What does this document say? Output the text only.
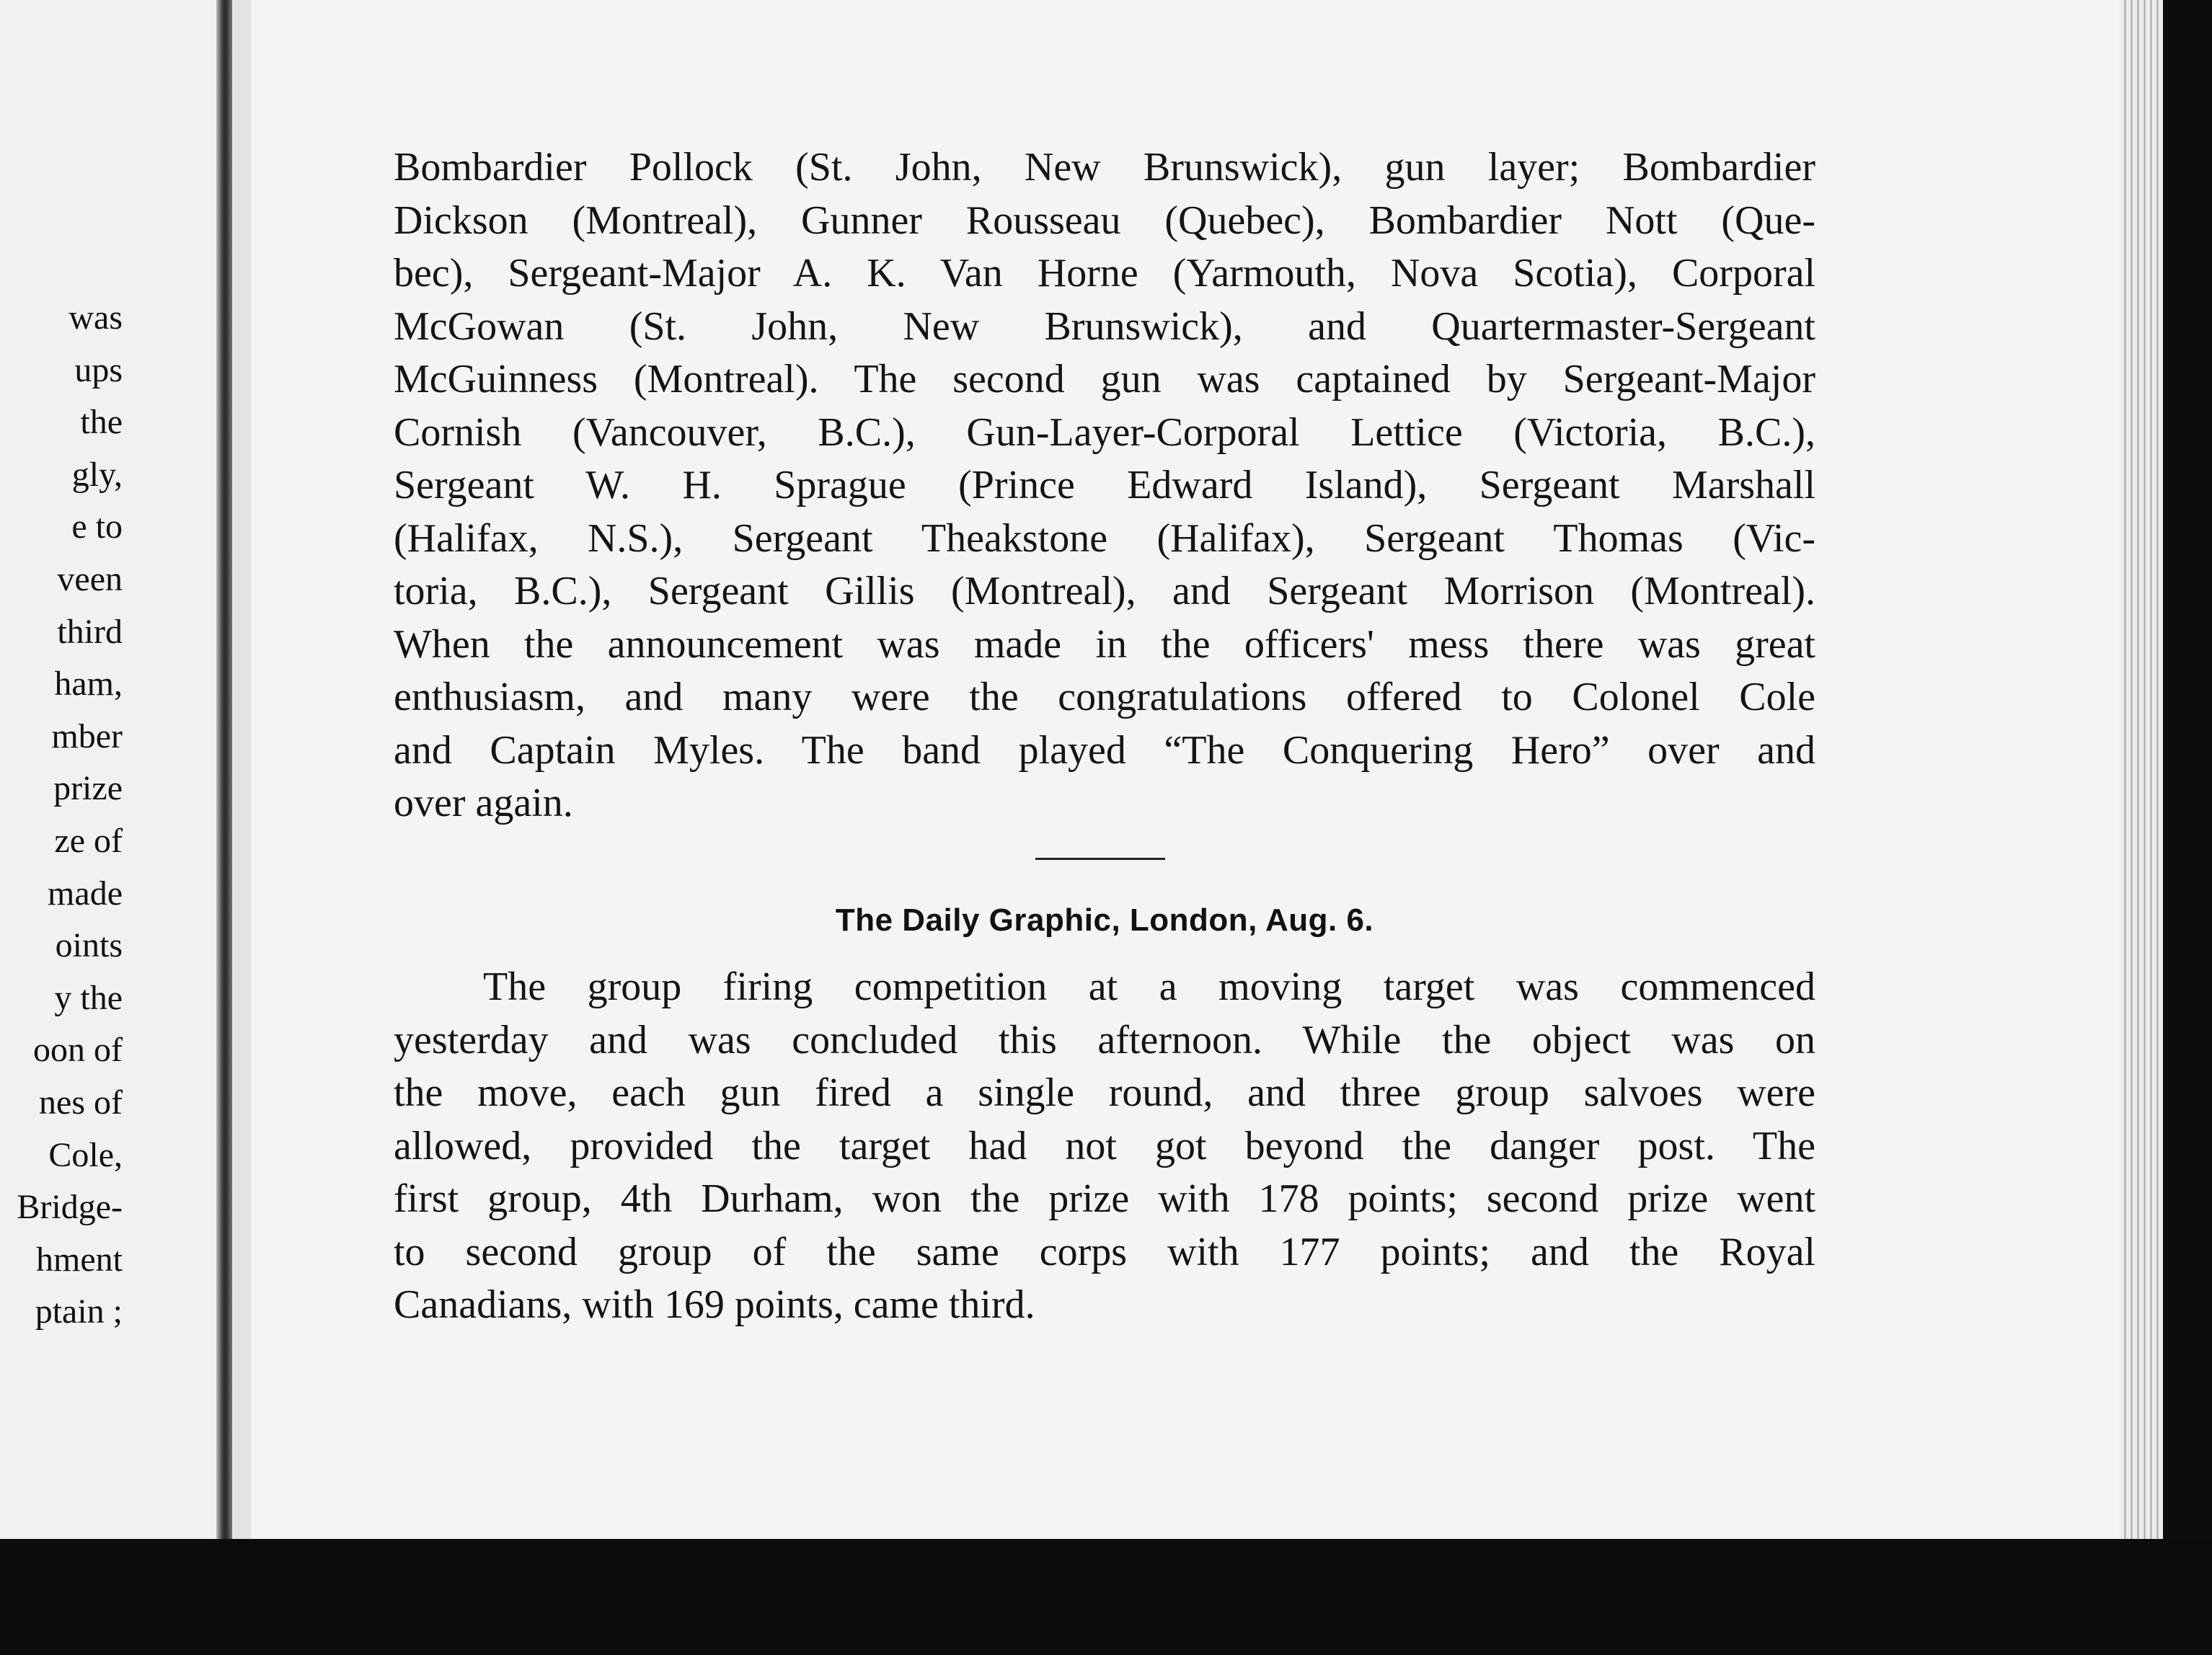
was
ups
the
gly,
e to
veen
third
ham,
mber
prize
ze of
made
oints
y the
oon of
nes of
Cole,
Bridge-
hment
ptain ;
Bombardier Pollock (St. John, New Brunswick), gun layer; Bombardier
Dickson (Montreal), Gunner Rousseau (Quebec), Bombardier Nott (Que-
bec), Sergeant-Major A. K. Van Horne (Yarmouth, Nova Scotia), Corporal
McGowan (St. John, New Brunswick), and Quartermaster-Sergeant
McGuinness (Montreal). The second gun was captained by Sergeant-Major
Cornish (Vancouver, B.C.), Gun-Layer-Corporal Lettice (Victoria, B.C.),
Sergeant W. H. Sprague (Prince Edward Island), Sergeant Marshall
(Halifax, N.S.), Sergeant Theakstone (Halifax), Sergeant Thomas (Vic-
toria, B.C.), Sergeant Gillis (Montreal), and Sergeant Morrison (Montreal).
When the announcement was made in the officers' mess there was great
enthusiasm, and many were the congratulations offered to Colonel Cole
and Captain Myles. The band played “The Conquering Hero” over and
over again.
The Daily Graphic, London, Aug. 6.
The group firing competition at a moving target was commenced
yesterday and was concluded this afternoon. While the object was on
the move, each gun fired a single round, and three group salvoes were
allowed, provided the target had not got beyond the danger post. The
first group, 4th Durham, won the prize with 178 points; second prize went
to second group of the same corps with 177 points; and the Royal
Canadians, with 169 points, came third.
